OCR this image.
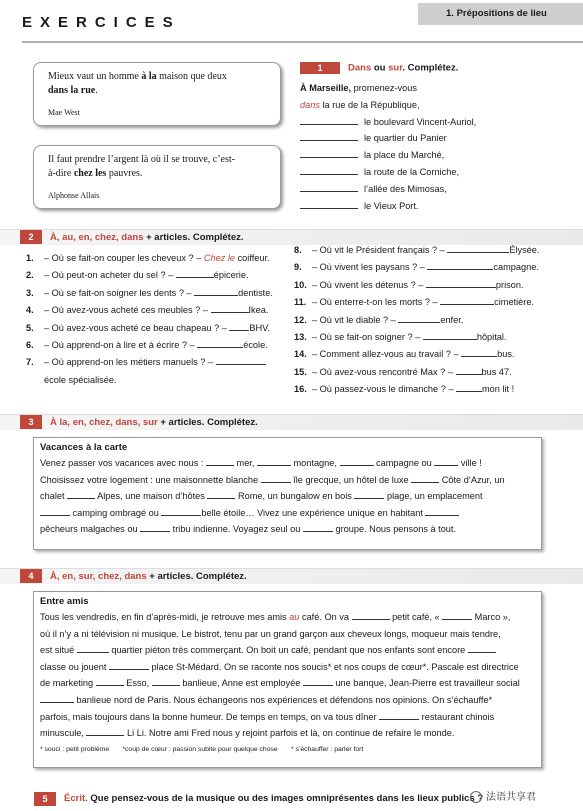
EXERCICES
1. Prépositions de lieu
Mieux vaut un homme à la maison que deux
dans la rue.
Mae West
Il faut prendre l’argent là où il se trouve, c’est-
à-dire chez les pauvres.
Alphonse Allais
1	Dans ou sur. Complétez.
À Marseille, promenez-vous
dans la rue de la République,
le boulevard Vincent-Auriol,
le quartier du Panier
la place du Marché,
la route de la Corniche,
l’allée des Mimosas,
le Vieux Port.
2 À, au, en, chez, dans + articles. Complétez.
1. – Où se fait-on couper les cheveux ? – Chez le coiffeur.
2. – Où peut-on acheter du sel ? –	épicerie.
3. – Où se fait-on soigner les dents ? –	dentiste.
4. – Où avez-vous acheté ces meubles ? –	Ikea.
5. – Où avez-vous acheté ce beau chapeau ? – BHV.
6. – Où apprend-on à lire et à écrire ? –	école.
7. – Où apprend-on les métiers manuels ? –
école spécialisée.
8. – Où vit le Président français ? –	Élysée.
9. – Où vivent les paysans ? –	campagne.
10. – Où vivent les détenus ? –	prison.
11. – Où enterre-t-on les morts ? –	cimetière.
12. – Où vit le diable ? –	enfer.
13. – Où se fait-on soigner ? –	hôpital.
14. – Comment allez-vous au travail ? –	bus.
15. – Où avez-vous rencontré Max ? –	bus 47.
16. – Où passez-vous le dimanche ? –	mon lit !
3 À la, en, chez, dans, sur + articles. Complétez.
Vacances à la carte
Venez passer vos vacances avec nous :	mer,	montagne,	campagne ou	ville !
Choisissez votre logement : une maisonnette blanche	île grecque, un hôtel de luxe	Côte d’Azur, un
chalet	Alpes, une maison d’hôtes	Rome, un bungalow en bois	plage, un emplacement
camping ombragé ou	belle étoile… Vivez une expérience unique en habitant
pêcheurs malgaches ou	tribu indienne. Voyagez seul ou	groupe. Nous pensons à tout.
4 À, en, sur, chez, dans + articles. Complétez.
Entre amis
Tous les vendredis, en fin d’après-midi, je retrouve mes amis au café. On va	petit café, «	Marco »,
où il n’y a ni télévision ni musique. Le bistrot, tenu par un grand garçon aux cheveux longs, moqueur mais tendre,
est situé	quartier piéton très commerçant. On boit un café, pendant que nos enfants sont encore
classe ou jouent	place St-Médard. On se raconte nos soucis* et nos coups de cœur*. Pascale est directrice
de marketing	Esso,	banlieue, Anne est employée	une banque, Jean-Pierre est travailleur social
banlieue nord de Paris. Nous échangeons nos expériences et défendons nos opinions. On s’échauffe*
parfois, mais toujours dans la bonne humeur. De temps en temps, on va tous dîner	restaurant chinois
minuscule,	Li Li. Notre ami Fred nous y rejoint parfois et là, on continue de refaire le monde.
* souci : petit problème *coup de cœur : passion subite pour quelque chose * s’échauffer : parler fort
5	Écrit. Que pensez-vous de la musique ou des images omniprésentes dans les lieux publics ? 法语共享君
